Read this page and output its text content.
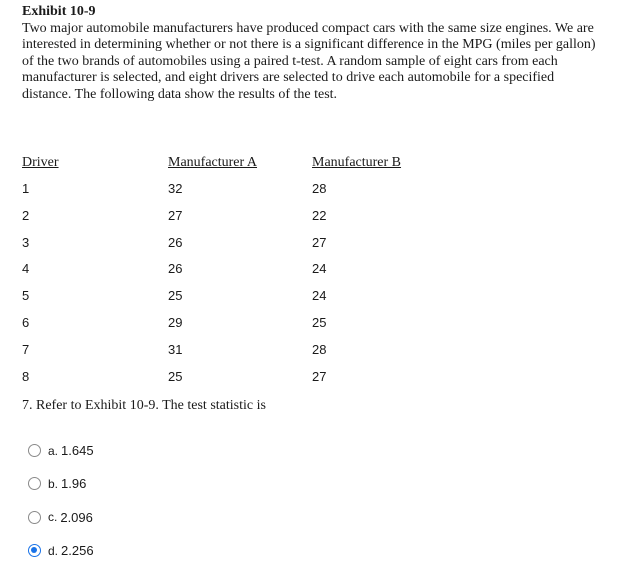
Exhibit 10-9

Two major automobile manufacturers have produced compact cars with the same size engines. We are interested in determining whether or not there is a significant difference in the MPG (miles per gallon) of the two brands of automobiles using a paired t-test. A random sample of eight cars from each manufacturer is selected, and eight drivers are selected to drive each automobile for a specified distance. The following data show the results of the test.

Driver	Manufacturer A	Manufacturer B
1	32	28
2	27	22
3	26	27
4	26	24
5	25	24
6	29	25
7	31	28
8	25	27
7. Refer to Exhibit 10-9. The test statistic is
a. 1.645
b. 1.96
c. 2.096
d. 2.256
